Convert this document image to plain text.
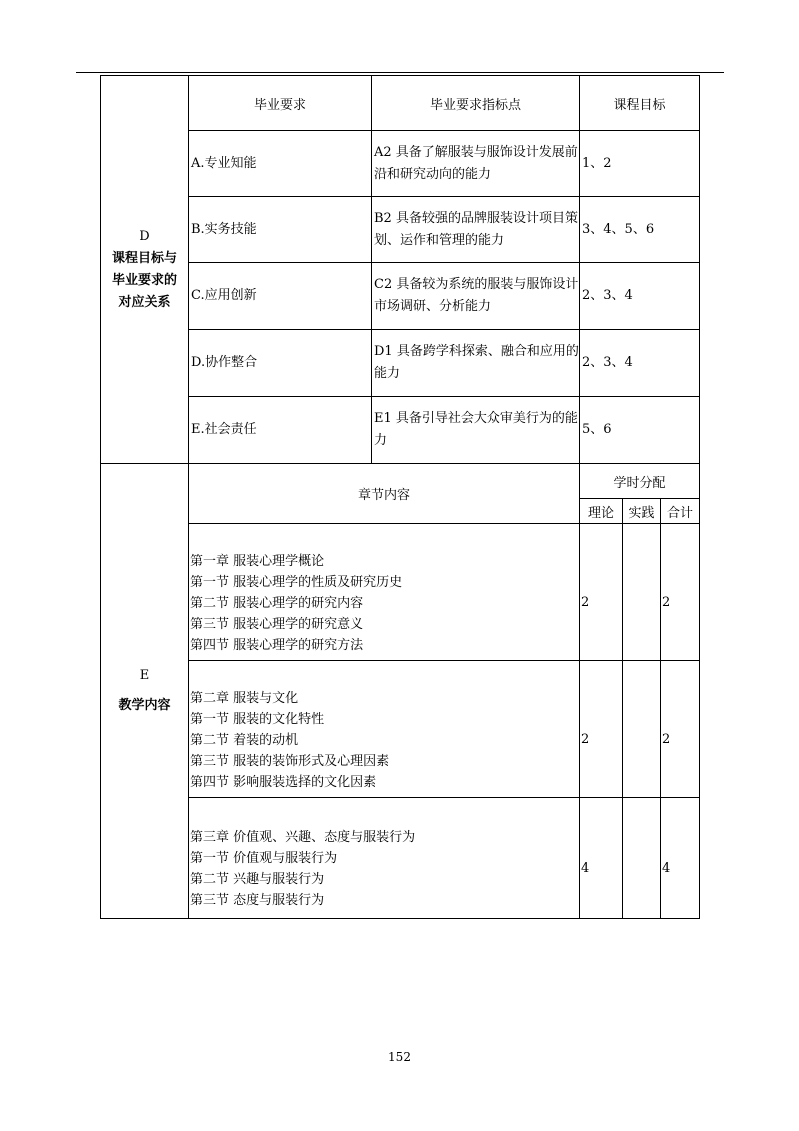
D
课程目标与
毕业要求的
对应关系	毕业要求	毕业要求指标点	课程目标		
	A.专业知能	A2 具备了解服装与服饰设计发展前沿和研究动向的能力	1、2		
	B.实务技能	B2 具备较强的品牌服装设计项目策划、运作和管理的能力	3、4、5、6		
	C.应用创新	C2 具备较为系统的服装与服饰设计市场调研、分析能力	2、3、4		
	D.协作整合	D1 具备跨学科探索、融合和应用的能力	2、3、4		
	E.社会责任	E1 具备引导社会大众审美行为的能力	5、6		

E
教学内容	章节内容		学时分配		
			理论	实践	合计

	第一章 服装心理学概论
第一节 服装心理学的性质及研究历史
第二节 服装心理学的研究内容
第三节 服装心理学的研究意义
第四节 服装心理学的研究方法		2		2

	第二章 服装与文化
第一节 服装的文化特性
第二节 着装的动机
第三节 服装的装饰形式及心理因素
第四节 影响服装选择的文化因素		2		2

	第三章 价值观、兴趣、态度与服装行为
第一节 价值观与服装行为
第二节 兴趣与服装行为
第三节 态度与服装行为		4		4
152
